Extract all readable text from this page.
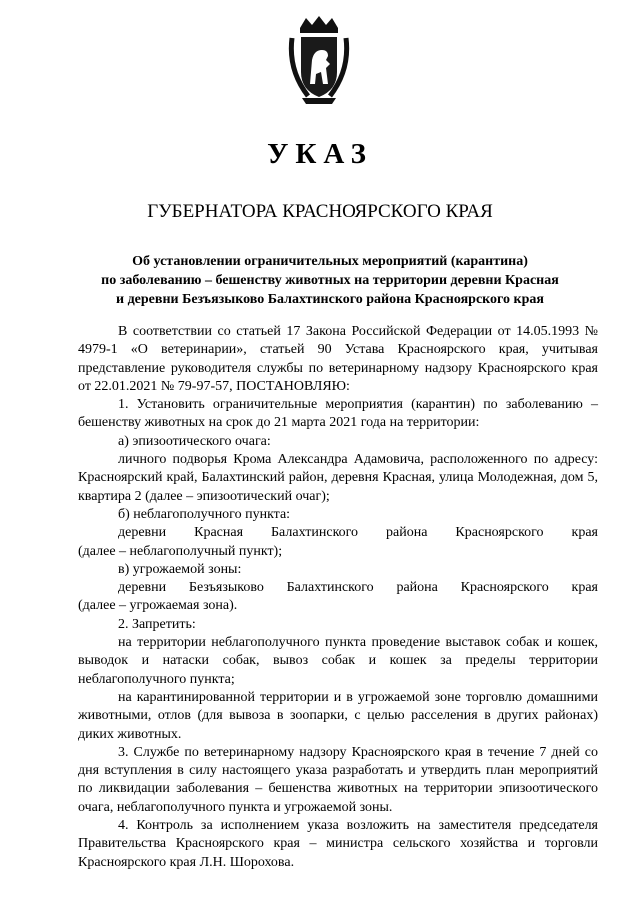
УКАЗ
ГУБЕРНАТОРА КРАСНОЯРСКОГО КРАЯ
Об установлении ограничительных мероприятий (карантина)
по заболеванию – бешенству животных на территории деревни Красная
и деревни Безъязыково Балахтинского района Красноярского края

В соответствии со статьей 17 Закона Российской Федерации от 14.05.1993 № 4979-1 «О ветеринарии», статьей 90 Устава Красноярского края, учитывая представление руководителя службы по ветеринарному надзору Красноярского края от 22.01.2021 № 79-97-57, ПОСТАНОВЛЯЮ:

1. Установить ограничительные мероприятия (карантин) по заболеванию – бешенству животных на срок до 21 марта 2021 года на территории:

а) эпизоотического очага:

личного подворья Крома Александра Адамовича, расположенного по адресу: Красноярский край, Балахтинский район, деревня Красная, улица Молодежная, дом 5, квартира 2 (далее – эпизоотический очаг);

б) неблагополучного пункта:

деревни Красная Балахтинского района Красноярского края

(далее – неблагополучный пункт);

в) угрожаемой зоны:

деревни Безъязыково Балахтинского района Красноярского края

(далее – угрожаемая зона).

2. Запретить:

на территории неблагополучного пункта проведение выставок собак и кошек, выводок и натаски собак, вывоз собак и кошек за пределы территории неблагополучного пункта;

на карантинированной территории и в угрожаемой зоне торговлю домашними животными, отлов (для вывоза в зоопарки, с целью расселения в других районах) диких животных.

3. Службе по ветеринарному надзору Красноярского края в течение 7 дней со дня вступления в силу настоящего указа разработать и утвердить план мероприятий по ликвидации заболевания – бешенства животных на территории эпизоотического очага, неблагополучного пункта и угрожаемой зоны.

4. Контроль за исполнением указа возложить на заместителя председателя Правительства Красноярского края – министра сельского хозяйства и торговли Красноярского края Л.Н. Шорохова.
